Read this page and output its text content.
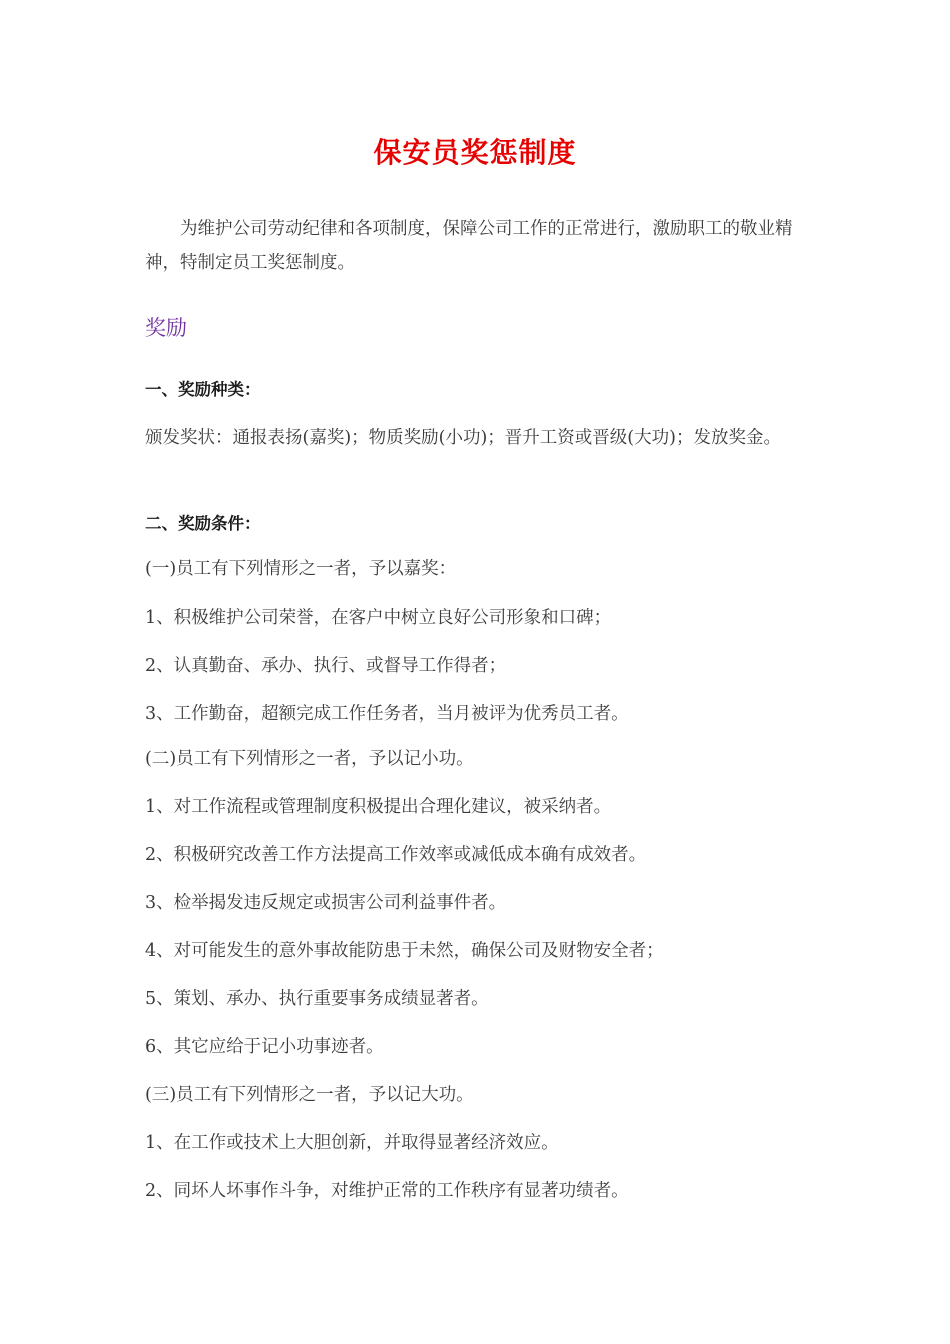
保安员奖惩制度
为维护公司劳动纪律和各项制度，保障公司工作的正常进行，激励职工的敬业精神，特制定员工奖惩制度。
奖励
一、奖励种类：
颁发奖状：通报表扬(嘉奖)；物质奖励(小功)；晋升工资或晋级(大功)；发放奖金。
二、奖励条件：
(一)员工有下列情形之一者，予以嘉奖：
1、积极维护公司荣誉，在客户中树立良好公司形象和口碑；
2、认真勤奋、承办、执行、或督导工作得者；
3、工作勤奋，超额完成工作任务者，当月被评为优秀员工者。
(二)员工有下列情形之一者，予以记小功。
1、对工作流程或管理制度积极提出合理化建议，被采纳者。
2、积极研究改善工作方法提高工作效率或减低成本确有成效者。
3、检举揭发违反规定或损害公司利益事件者。
4、对可能发生的意外事故能防患于未然，确保公司及财物安全者；
5、策划、承办、执行重要事务成绩显著者。
6、其它应给于记小功事迹者。
(三)员工有下列情形之一者，予以记大功。
1、在工作或技术上大胆创新，并取得显著经济效应。
2、同坏人坏事作斗争，对维护正常的工作秩序有显著功绩者。
